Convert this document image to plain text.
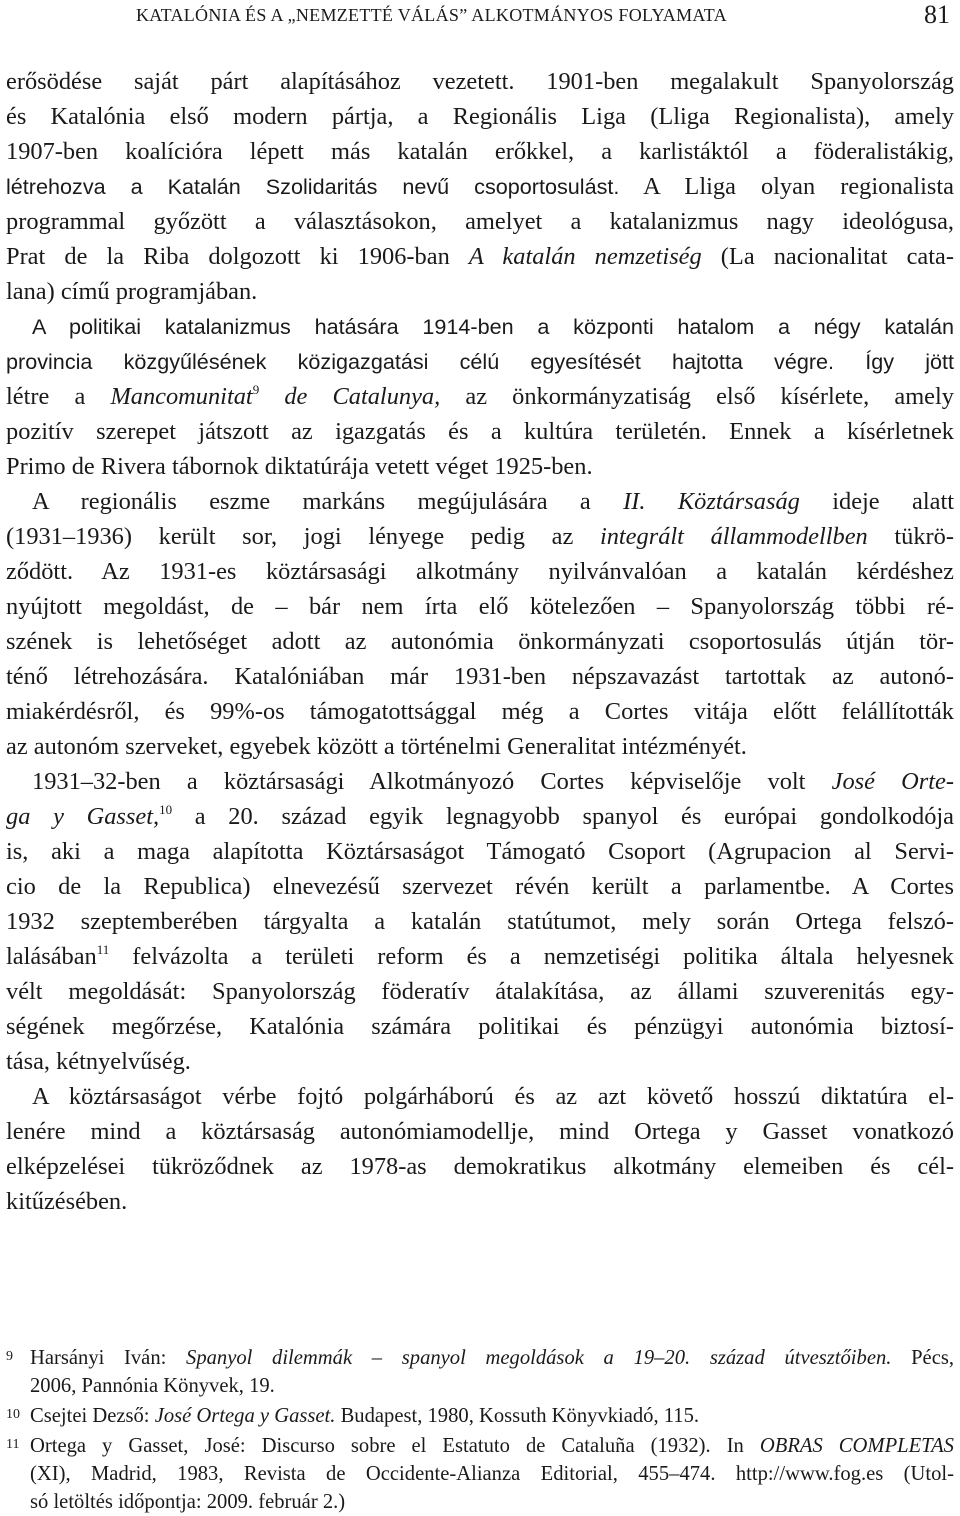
KATALÓNIA ÉS A „NEMZETTÉ VÁLÁS” ALKOTMÁNYOS FOLYAMATA	81
erősödése saját párt alapításához vezetett. 1901-ben megalakult Spanyolország
és Katalónia első modern pártja, a Regionális Liga (Lliga Regionalista), amely
1907-ben koalícióra lépett más katalán erőkkel, a karlistáktól a föderalistákig,
létrehozva a Katalán Szolidaritás nevű csoportosulást. A Lliga olyan regionalista
programmal győzött a választásokon, amelyet a katalanizmus nagy ideológusa,
Prat de la Riba dolgozott ki 1906-ban A katalán nemzetiség (La nacionalitat cata-
lana) című programjában.
A politikai katalanizmus hatására 1914-ben a központi hatalom a négy katalán
provincia közgyűlésének közigazgatási célú egyesítését hajtotta végre. Így jött
létre a Mancomunitat$^9$ de Catalunya, az önkormányzatiság első kísérlete, amely
pozitív szerepet játszott az igazgatás és a kultúra területén. Ennek a kísérletnek
Primo de Rivera tábornok diktatúrája vetett véget 1925-ben.
A regionális eszme markáns megújulására a II. Köztársaság ideje alatt
(1931–1936) került sor, jogi lényege pedig az integrált állammodellben tükrö-
ződött. Az 1931-es köztársasági alkotmány nyilvánvalóan a katalán kérdéshez
nyújtott megoldást, de – bár nem írta elő kötelezően – Spanyolország többi ré-
szének is lehetőséget adott az autonómia önkormányzati csoportosulás útján tör-
ténő létrehozására. Katalóniában már 1931-ben népszavazást tartottak az autonó-
miakérdésről, és 99%-os támogatottsággal még a Cortes vitája előtt felállították
az autonóm szerveket, egyebek között a történelmi Generalitat intézményét.
1931–32-ben a köztársasági Alkotmányozó Cortes képviselője volt José Orte-
ga y Gasset,$^{10}$ a 20. század egyik legnagyobb spanyol és európai gondolkodója
is, aki a maga alapította Köztársaságot Támogató Csoport (Agrupacion al Servi-
cio de la Republica) elnevezésű szervezet révén került a parlamentbe. A Cortes
1932 szeptemberében tárgyalta a katalán statútumot, mely során Ortega felszó-
lalásában$^{11}$ felvázolta a területi reform és a nemzetiségi politika általa helyesnek
vélt megoldását: Spanyolország föderatív átalakítása, az állami szuverenitás egy-
ségének megőrzése, Katalónia számára politikai és pénzügyi autonómia biztosí-
tása, kétnyelvűség.
A köztársaságot vérbe fojtó polgárháború és az azt követő hosszú diktatúra el-
lenére mind a köztársaság autonómiamodellje, mind Ortega y Gasset vonatkozó
elképzelései tükröződnek az 1978-as demokratikus alkotmány elemeiben és cél-
kitűzésében.
9 Harsányi Iván: Spanyol dilemmák – spanyol megoldások a 19–20. század útvesztőiben. Pécs,
2006, Pannónia Könyvek, 19.
10 Csejtei Dezső: José Ortega y Gasset. Budapest, 1980, Kossuth Könyvkiadó, 115.
11 Ortega y Gasset, José: Discurso sobre el Estatuto de Cataluña (1932). In OBRAS COMPLETAS
(XI), Madrid, 1983, Revista de Occidente-Alianza Editorial, 455–474. http://www.fog.es (Utol-
só letöltés időpontja: 2009. február 2.)
